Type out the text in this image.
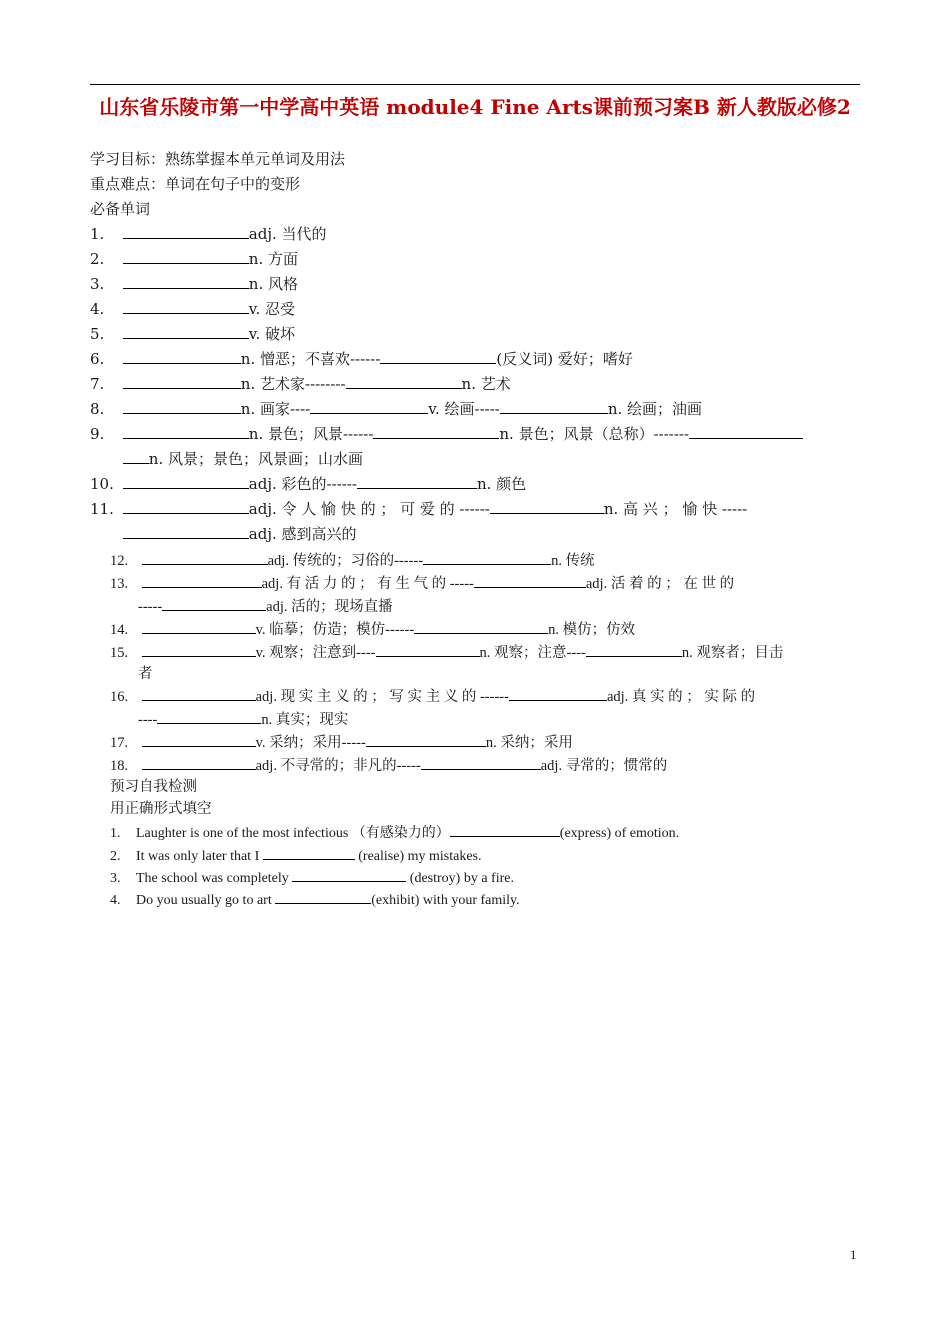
山东省乐陵市第一中学高中英语 module4 Fine Arts课前预习案B 新人教版必修2
学习目标：熟练掌握本单元单词及用法
重点难点：单词在句子中的变形
必备单词
1.	adj. 当代的
2.	n. 方面
3.	n. 风格
4.	v. 忍受
5.	v. 破坏
6.	n. 憎恶；不喜欢------	(反义词) 爱好；嗜好
7.	n. 艺术家--------	n. 艺术
8.	n. 画家----	v. 绘画-----	n. 绘画；油画
9.	n. 景色；风景------	n. 景色；风景（总称）-------
n. 风景；景色；风景画；山水画
10.	adj. 彩色的------	n. 颜色
11.	adj. 令 人 愉 快 的 ； 可 爱 的 ------	n. 高 兴 ； 愉 快 -----
adj. 感到高兴的
12.	adj. 传统的；习俗的------	n. 传统
13.	adj. 有 活 力 的 ； 有 生 气 的 -----	adj. 活 着 的 ； 在 世 的
-----	adj. 活的；现场直播
14.	v. 临摹；仿造；模仿------	n. 模仿；仿效
15.	v. 观察；注意到----	n. 观察；注意----	n. 观察者；目击
者
16.	adj. 现 实 主 义 的 ； 写 实 主 义 的 ------	adj. 真 实 的 ； 实 际 的
----	n. 真实；现实
17.	v. 采纳；采用-----	n. 采纳；采用
18.	adj. 不寻常的；非凡的-----	adj. 寻常的；惯常的
预习自我检测
用正确形式填空
1. Laughter is one of the most infectious （有感染力的）	(express) of emotion.
2. It was only later that I	(realise) my mistakes.
3. The school was completely	(destroy) by a fire.
4. Do you usually go to art	(exhibit) with your family.
1
